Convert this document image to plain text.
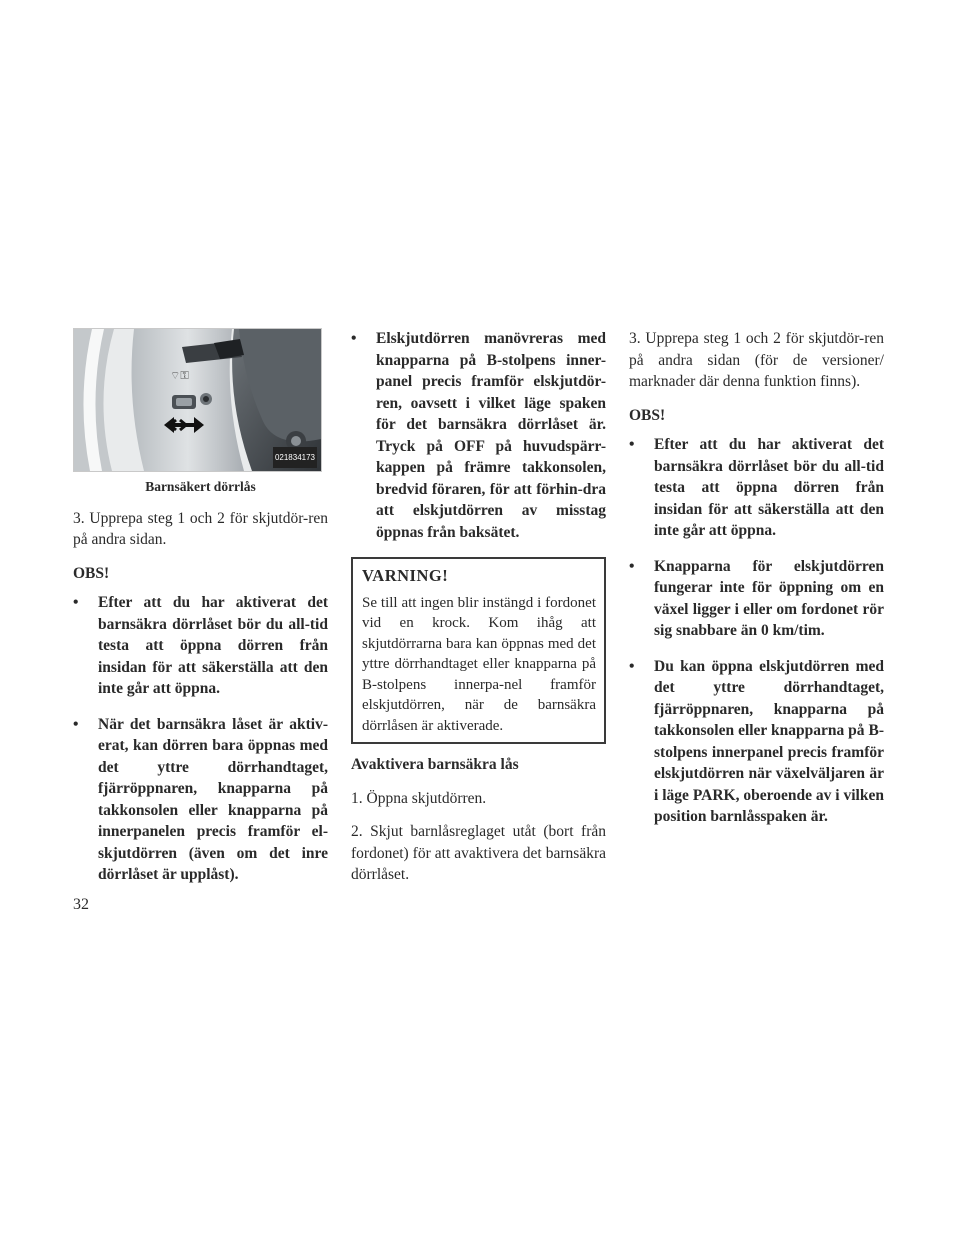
⌔⚿
021834173
Barnsäkert dörrlås

3. Upprepa steg 1 och 2 för skjutdör-ren på andra sidan.

OBS!
• Efter att du har aktiverat det barnsäkra dörrlåset bör du all-tid testa att öppna dörren från insidan för att säkerställa att den inte går att öppna.
• När det barnsäkra låset är aktiv-erat, kan dörren bara öppnas med det yttre dörrhandtaget, fjärröppnaren, knapparna på takkonsolen eller knapparna på innerpanelen precis framför el-skjutdörren (även om det inre dörrlåset är upplåst).
• Elskjutdörren manövreras med knapparna på B-stolpens inner-panel precis framför elskjutdör-ren, oavsett i vilket läge spaken för det barnsäkra dörrlåset är. Tryck på OFF på huvudspärr-kappen på främre takkonsolen, bredvid föraren, för att förhin-dra att elskjutdörren av misstag öppnas från baksätet.
VARNING!

Se till att ingen blir instängd i fordonet vid en krock. Kom ihåg att skjutdörrarna bara kan öppnas med det yttre dörrhandtaget eller knapparna på B-stolpens innerpa-nel framför elskjutdörren, när de barnsäkra dörrlåsen är aktiverade.

Avaktivera barnsäkra lås

1. Öppna skjutdörren.

2. Skjut barnlåsreglaget utåt (bort från fordonet) för att avaktivera det barnsäkra dörrlåset.

3. Upprepa steg 1 och 2 för skjutdör-ren på andra sidan (för de versioner/ marknader där denna funktion finns).

OBS!
• Efter att du har aktiverat det barnsäkra dörrlåset bör du all-tid testa att öppna dörren från insidan för att säkerställa att den inte går att öppna.
• Knapparna för elskjutdörren fungerar inte för öppning om en växel ligger i eller om fordonet rör sig snabbare än 0 km/tim.
• Du kan öppna elskjutdörren med det yttre dörrhandtaget, fjärröppnaren, knapparna på takkonsolen eller knapparna på B-stolpens innerpanel precis framför elskjutdörren när växelväljaren är i läge PARK, oberoende av i vilken position barnlåsspaken är.
32
